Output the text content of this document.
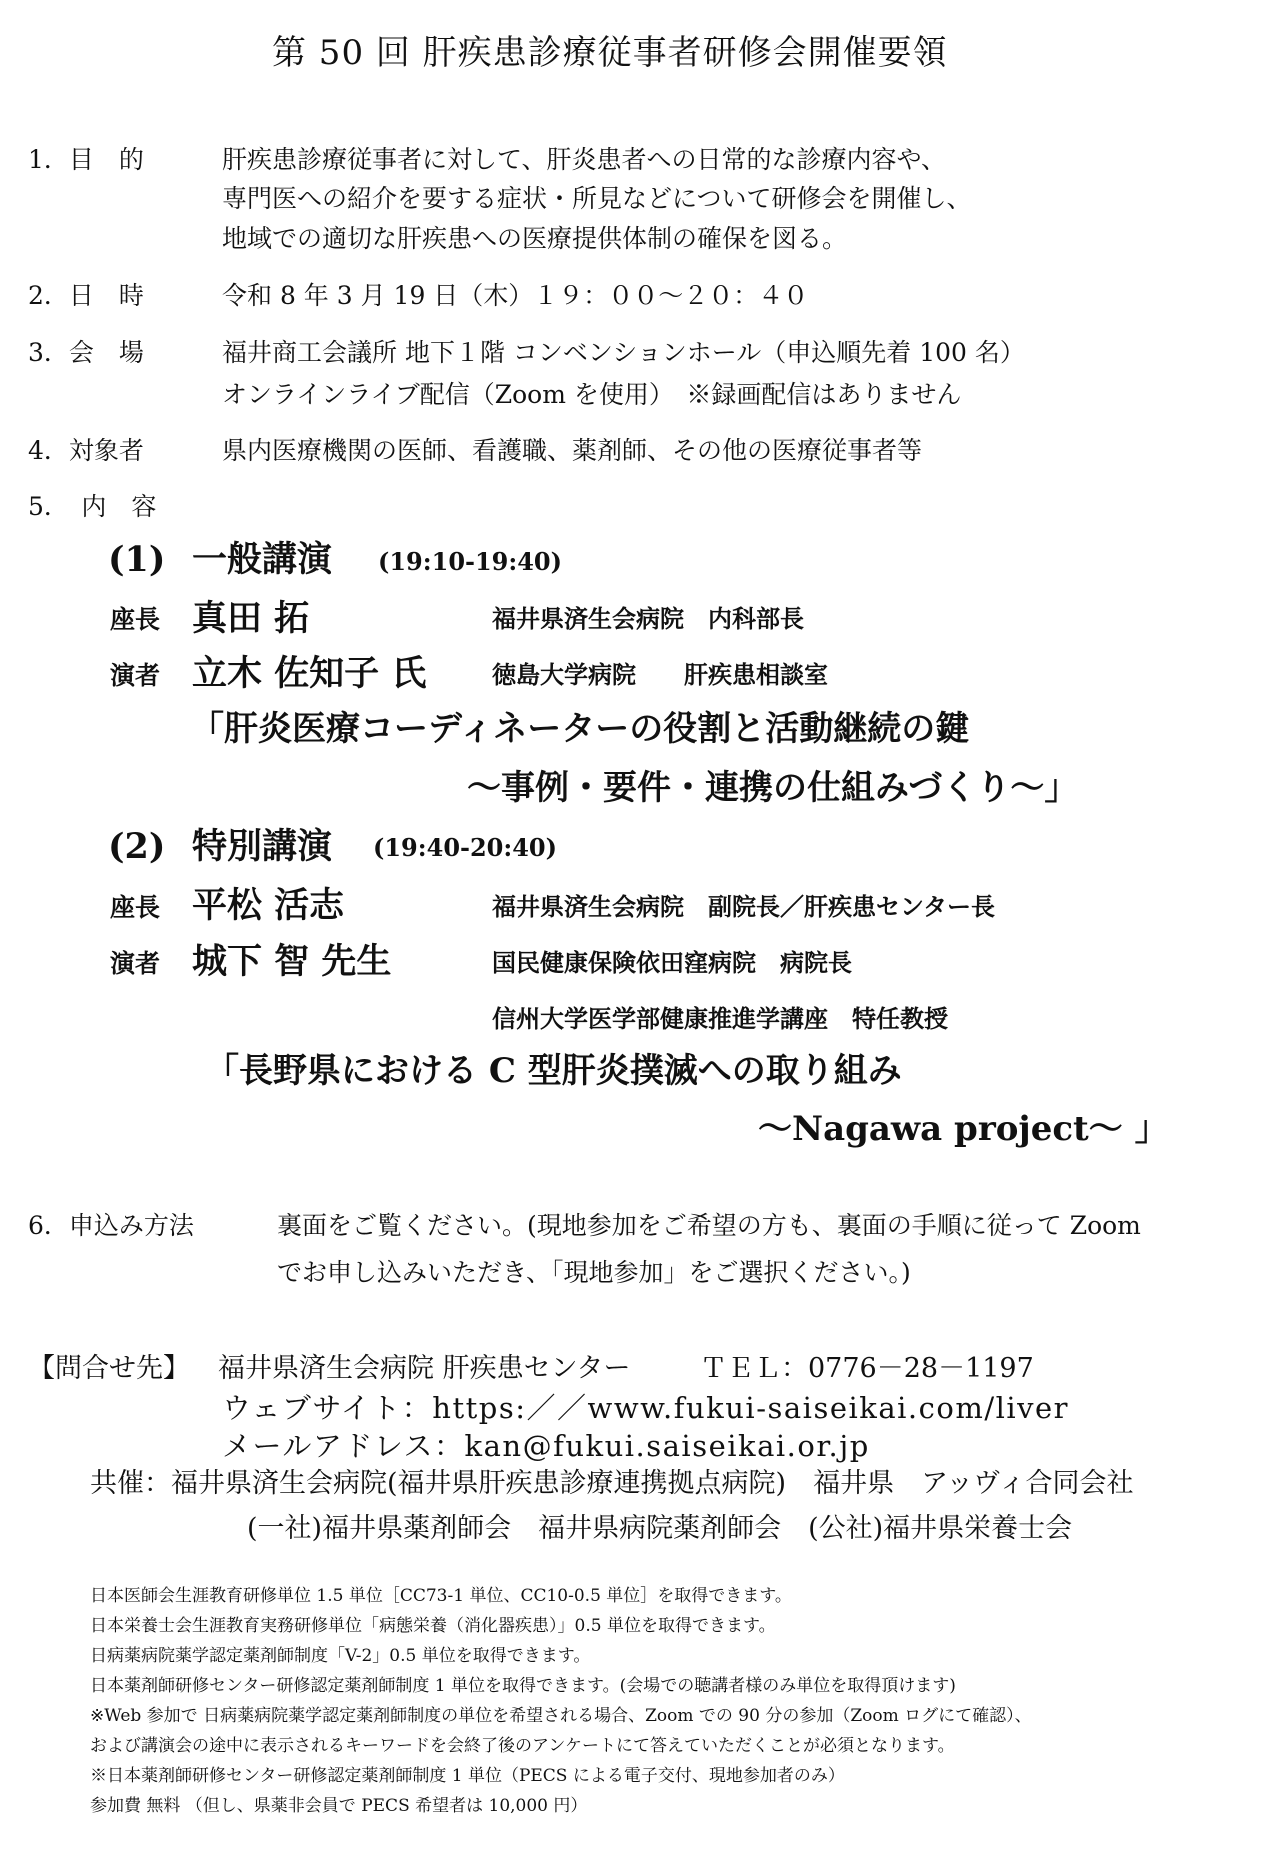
第 50 回 肝疾患診療従事者研修会開催要領
1．目　的	肝疾患診療従事者に対して、肝炎患者への日常的な診療内容や、
専門医への紹介を要する症状・所見などについて研修会を開催し、
地域での適切な肝疾患への医療提供体制の確保を図る。
2．日　時	令和 8 年 3 月 19 日（木）１９：００～２０：４０
3．会　場	福井商工会議所 地下１階 コンベンションホール（申込順先着 100 名）
オンラインライブ配信（Zoom を使用）　※録画配信はありません
4．対象者	県内医療機関の医師、看護職、薬剤師、その他の医療従事者等
5．　内　容
(1) 一般講演 (19:10-19:40)
座長 真田 拓	福井県済生会病院　内科部長
演者 立木 佐知子 氏	徳島大学病院　　肝疾患相談室
「肝炎医療コーディネーターの役割と活動継続の鍵
～事例・要件・連携の仕組みづくり～」
(2) 特別講演 (19:40-20:40)
座長 平松 活志	福井県済生会病院　副院長／肝疾患センター長
演者 城下 智 先生	国民健康保険依田窪病院　病院長
信州大学医学部健康推進学講座　特任教授
「長野県における C 型肝炎撲滅への取り組み
～Nagawa project～ 」
6．申込み方法	裏面をご覧ください。(現地参加をご希望の方も、裏面の手順に従って Zoom
でお申し込みいただき、「現地参加」をご選択ください。)
【問合せ先】 福井県済生会病院 肝疾患センター	ＴＥＬ：0776－28－1197
ウェブサイト：https:／／www.fukui-saiseikai.com/liver
メールアドレス：kan@fukui.saiseikai.or.jp
共催：福井県済生会病院(福井県肝疾患診療連携拠点病院)　福井県　アッヴィ合同会社
(一社)福井県薬剤師会　福井県病院薬剤師会　(公社)福井県栄養士会
日本医師会生涯教育研修単位 1.5 単位［CC73-1 単位、CC10-0.5 単位］を取得できます。
日本栄養士会生涯教育実務研修単位「病態栄養（消化器疾患）」0.5 単位を取得できます。
日病薬病院薬学認定薬剤師制度「V-2」0.5 単位を取得できます。
日本薬剤師研修センター研修認定薬剤師制度 1 単位を取得できます。(会場での聴講者様のみ単位を取得頂けます)
※Web 参加で 日病薬病院薬学認定薬剤師制度の単位を希望される場合、Zoom での 90 分の参加（Zoom ログにて確認）、
および講演会の途中に表示されるキーワードを会終了後のアンケートにて答えていただくことが必須となります。
※日本薬剤師研修センター研修認定薬剤師制度 1 単位（PECS による電子交付、現地参加者のみ）
参加費 無料 （但し、県薬非会員で PECS 希望者は 10,000 円）
